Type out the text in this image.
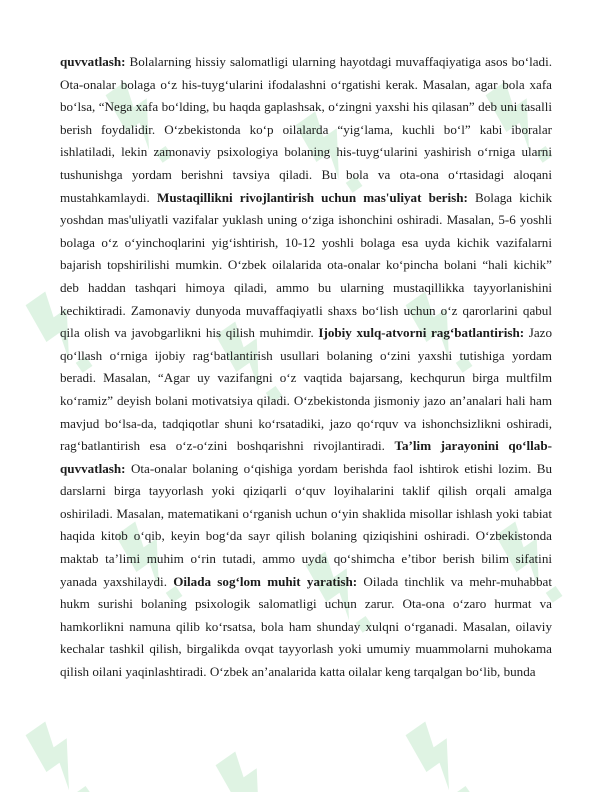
quvvatlash: Bolalarning hissiy salomatligi ularning hayotdagi muvaffaqiyatiga asos bo‘ladi. Ota-onalar bolaga o‘z his-tuyg‘ularini ifodalashni o‘rgatishi kerak. Masalan, agar bola xafa bo‘lsa, “Nega xafa bo‘lding, bu haqda gaplashsak, o‘zingni yaxshi his qilasan” deb uni tasalli berish foydalidir. O‘zbekistonda ko‘p oilalarda “yig‘lama, kuchli bo‘l” kabi iboralar ishlatiladi, lekin zamonaviy psixologiya bolaning his-tuyg‘ularini yashirish o‘rniga ularni tushunishga yordam berishni tavsiya qiladi. Bu bola va ota-ona o‘rtasidagi aloqani mustahkamlaydi. Mustaqillikni rivojlantirish uchun mas'uliyat berish: Bolaga kichik yoshdan mas'uliyatli vazifalar yuklash uning o‘ziga ishonchini oshiradi. Masalan, 5-6 yoshli bolaga o‘z o‘yinchoqlarini yig‘ishtirish, 10-12 yoshli bolaga esa uyda kichik vazifalarni bajarish topshirilishi mumkin. O‘zbek oilalarida ota-onalar ko‘pincha bolani “hali kichik” deb haddan tashqari himoya qiladi, ammo bu ularning mustaqillikka tayyorlanishini kechiktiradi. Zamonaviy dunyoda muvaffaqiyatli shaxs bo‘lish uchun o‘z qarorlarini qabul qila olish va javobgarlikni his qilish muhimdir. Ijobiy xulq-atvorni rag‘batlantirish: Jazo qo‘llash o‘rniga ijobiy rag‘batlantirish usullari bolaning o‘zini yaxshi tutishiga yordam beradi. Masalan, “Agar uy vazifangni o‘z vaqtida bajarsang, kechqurun birga multfilm ko‘ramiz” deyish bolani motivatsiya qiladi. O‘zbekistonda jismoniy jazo an’analari hali ham mavjud bo‘lsa-da, tadqiqotlar shuni ko‘rsatadiki, jazo qo‘rquv va ishonchsizlikni oshiradi, rag‘batlantirish esa o‘z-o‘zini boshqarishni rivojlantiradi. Ta’lim jarayonini qo‘llab-quvvatlash: Ota-onalar bolaning o‘qishiga yordam berishda faol ishtirok etishi lozim. Bu darslarni birga tayyorlash yoki qiziqarli o‘quv loyihalarini taklif qilish orqali amalga oshiriladi. Masalan, matematikani o‘rganish uchun o‘yin shaklida misollar ishlash yoki tabiat haqida kitob o‘qib, keyin bog‘da sayr qilish bolaning qiziqishini oshiradi. O‘zbekistonda maktab ta’limi muhim o‘rin tutadi, ammo uyda qo‘shimcha e’tibor berish bilim sifatini yanada yaxshilaydi. Oilada sog‘lom muhit yaratish: Oilada tinchlik va mehr-muhabbat hukm surishi bolaning psixologik salomatligi uchun zarur. Ota-ona o‘zaro hurmat va hamkorlikni namuna qilib ko‘rsatsa, bola ham shunday xulqni o‘rganadi. Masalan, oilaviy kechalar tashkil qilish, birgalikda ovqat tayyorlash yoki umumiy muammolarni muhokama qilish oilani yaqinlashtiradi. O‘zbek an’analarida katta oilalar keng tarqalgan bo‘lib, bunda
